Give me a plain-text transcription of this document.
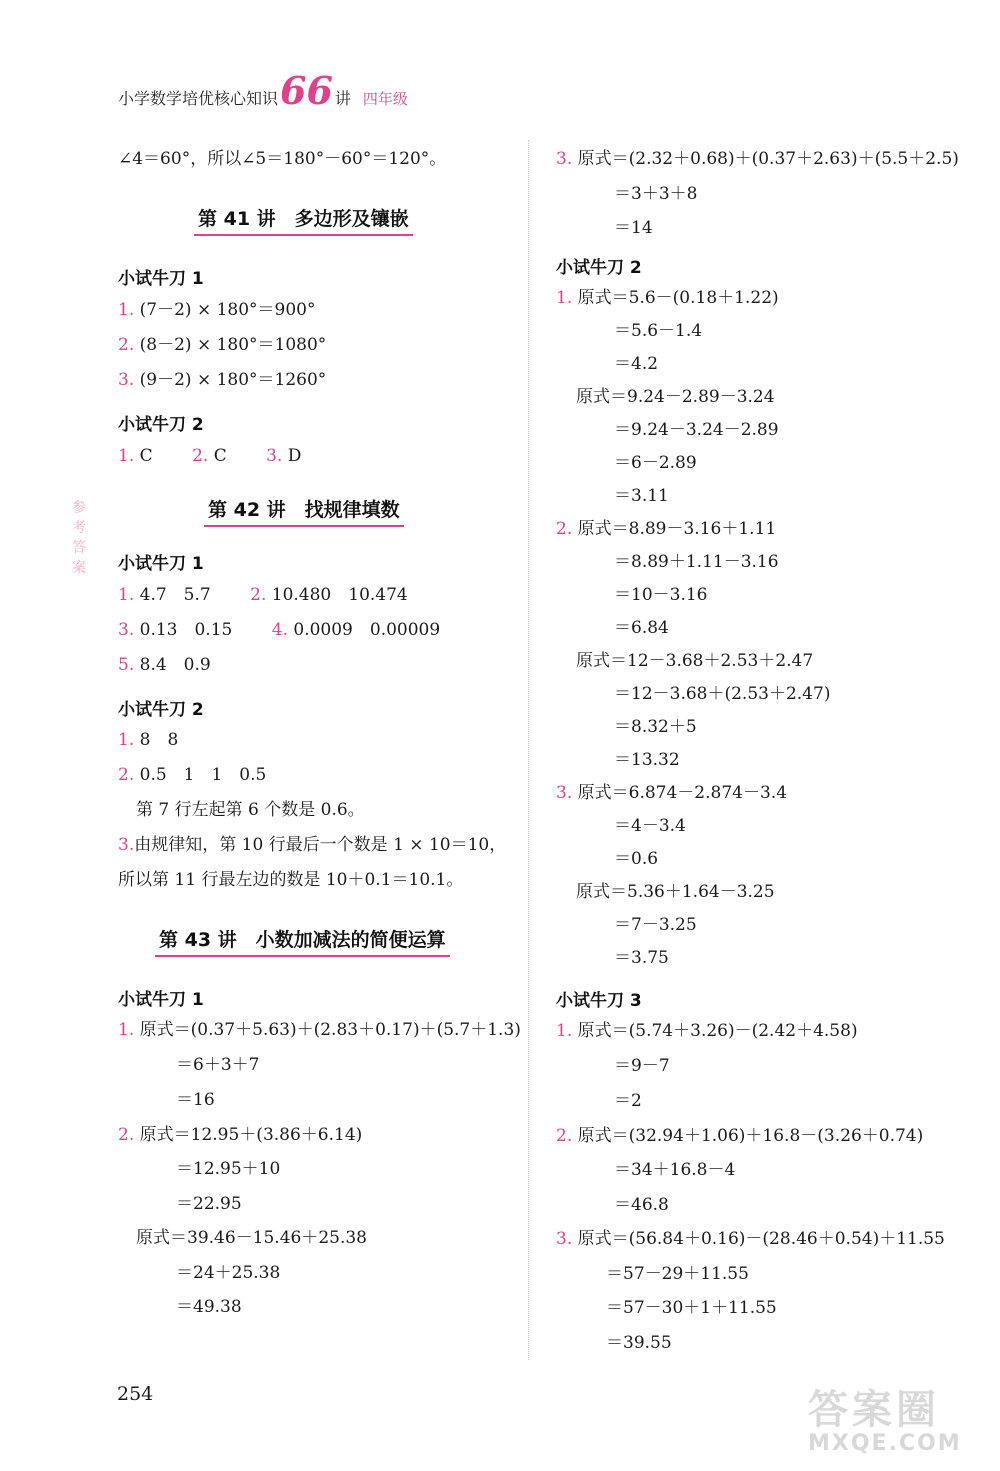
小学数学培优核心知识 66 讲 四年级
参考答案
∠4＝60°，所以∠5＝180°－60°＝120°。
第 41 讲　多边形及镶嵌
小试牛刀 1
1. (7－2) × 180°＝900°
2. (8－2) × 180°＝1080°
3. (9－2) × 180°＝1260°
小试牛刀 2
1. C 2. C 3. D
第 42 讲　找规律填数
小试牛刀 1
1. 4.7　5.7 2. 10.480　10.474
3. 0.13　0.15 4. 0.0009　0.00009
5. 8.4　0.9
小试牛刀 2
1. 8　8
2. 0.5　1　1　0.5
第 7 行左起第 6 个数是 0.6。
3.由规律知，第 10 行最后一个数是 1 × 10＝10，
所以第 11 行最左边的数是 10＋0.1＝10.1。
第 43 讲　小数加减法的简便运算
小试牛刀 1
1. 原式＝(0.37＋5.63)＋(2.83＋0.17)＋(5.7＋1.3)
＝6＋3＋7
＝16
2. 原式＝12.95＋(3.86＋6.14)
＝12.95＋10
＝22.95
原式＝39.46－15.46＋25.38
＝24＋25.38
＝49.38
3. 原式＝(2.32＋0.68)＋(0.37＋2.63)＋(5.5＋2.5)
＝3＋3＋8
＝14
小试牛刀 2
1. 原式＝5.6－(0.18＋1.22)
＝5.6－1.4
＝4.2
原式＝9.24－2.89－3.24
＝9.24－3.24－2.89
＝6－2.89
＝3.11
2. 原式＝8.89－3.16＋1.11
＝8.89＋1.11－3.16
＝10－3.16
＝6.84
原式＝12－3.68＋2.53＋2.47
＝12－3.68＋(2.53＋2.47)
＝8.32＋5
＝13.32
3. 原式＝6.874－2.874－3.4
＝4－3.4
＝0.6
原式＝5.36＋1.64－3.25
＝7－3.25
＝3.75
小试牛刀 3
1. 原式＝(5.74＋3.26)－(2.42＋4.58)
＝9－7
＝2
2. 原式＝(32.94＋1.06)＋16.8－(3.26＋0.74)
＝34＋16.8－4
＝46.8
3. 原式＝(56.84＋0.16)－(28.46＋0.54)＋11.55
＝57－29＋11.55
＝57－30＋1＋11.55
＝39.55
254	答案圈
MXQE.COM
